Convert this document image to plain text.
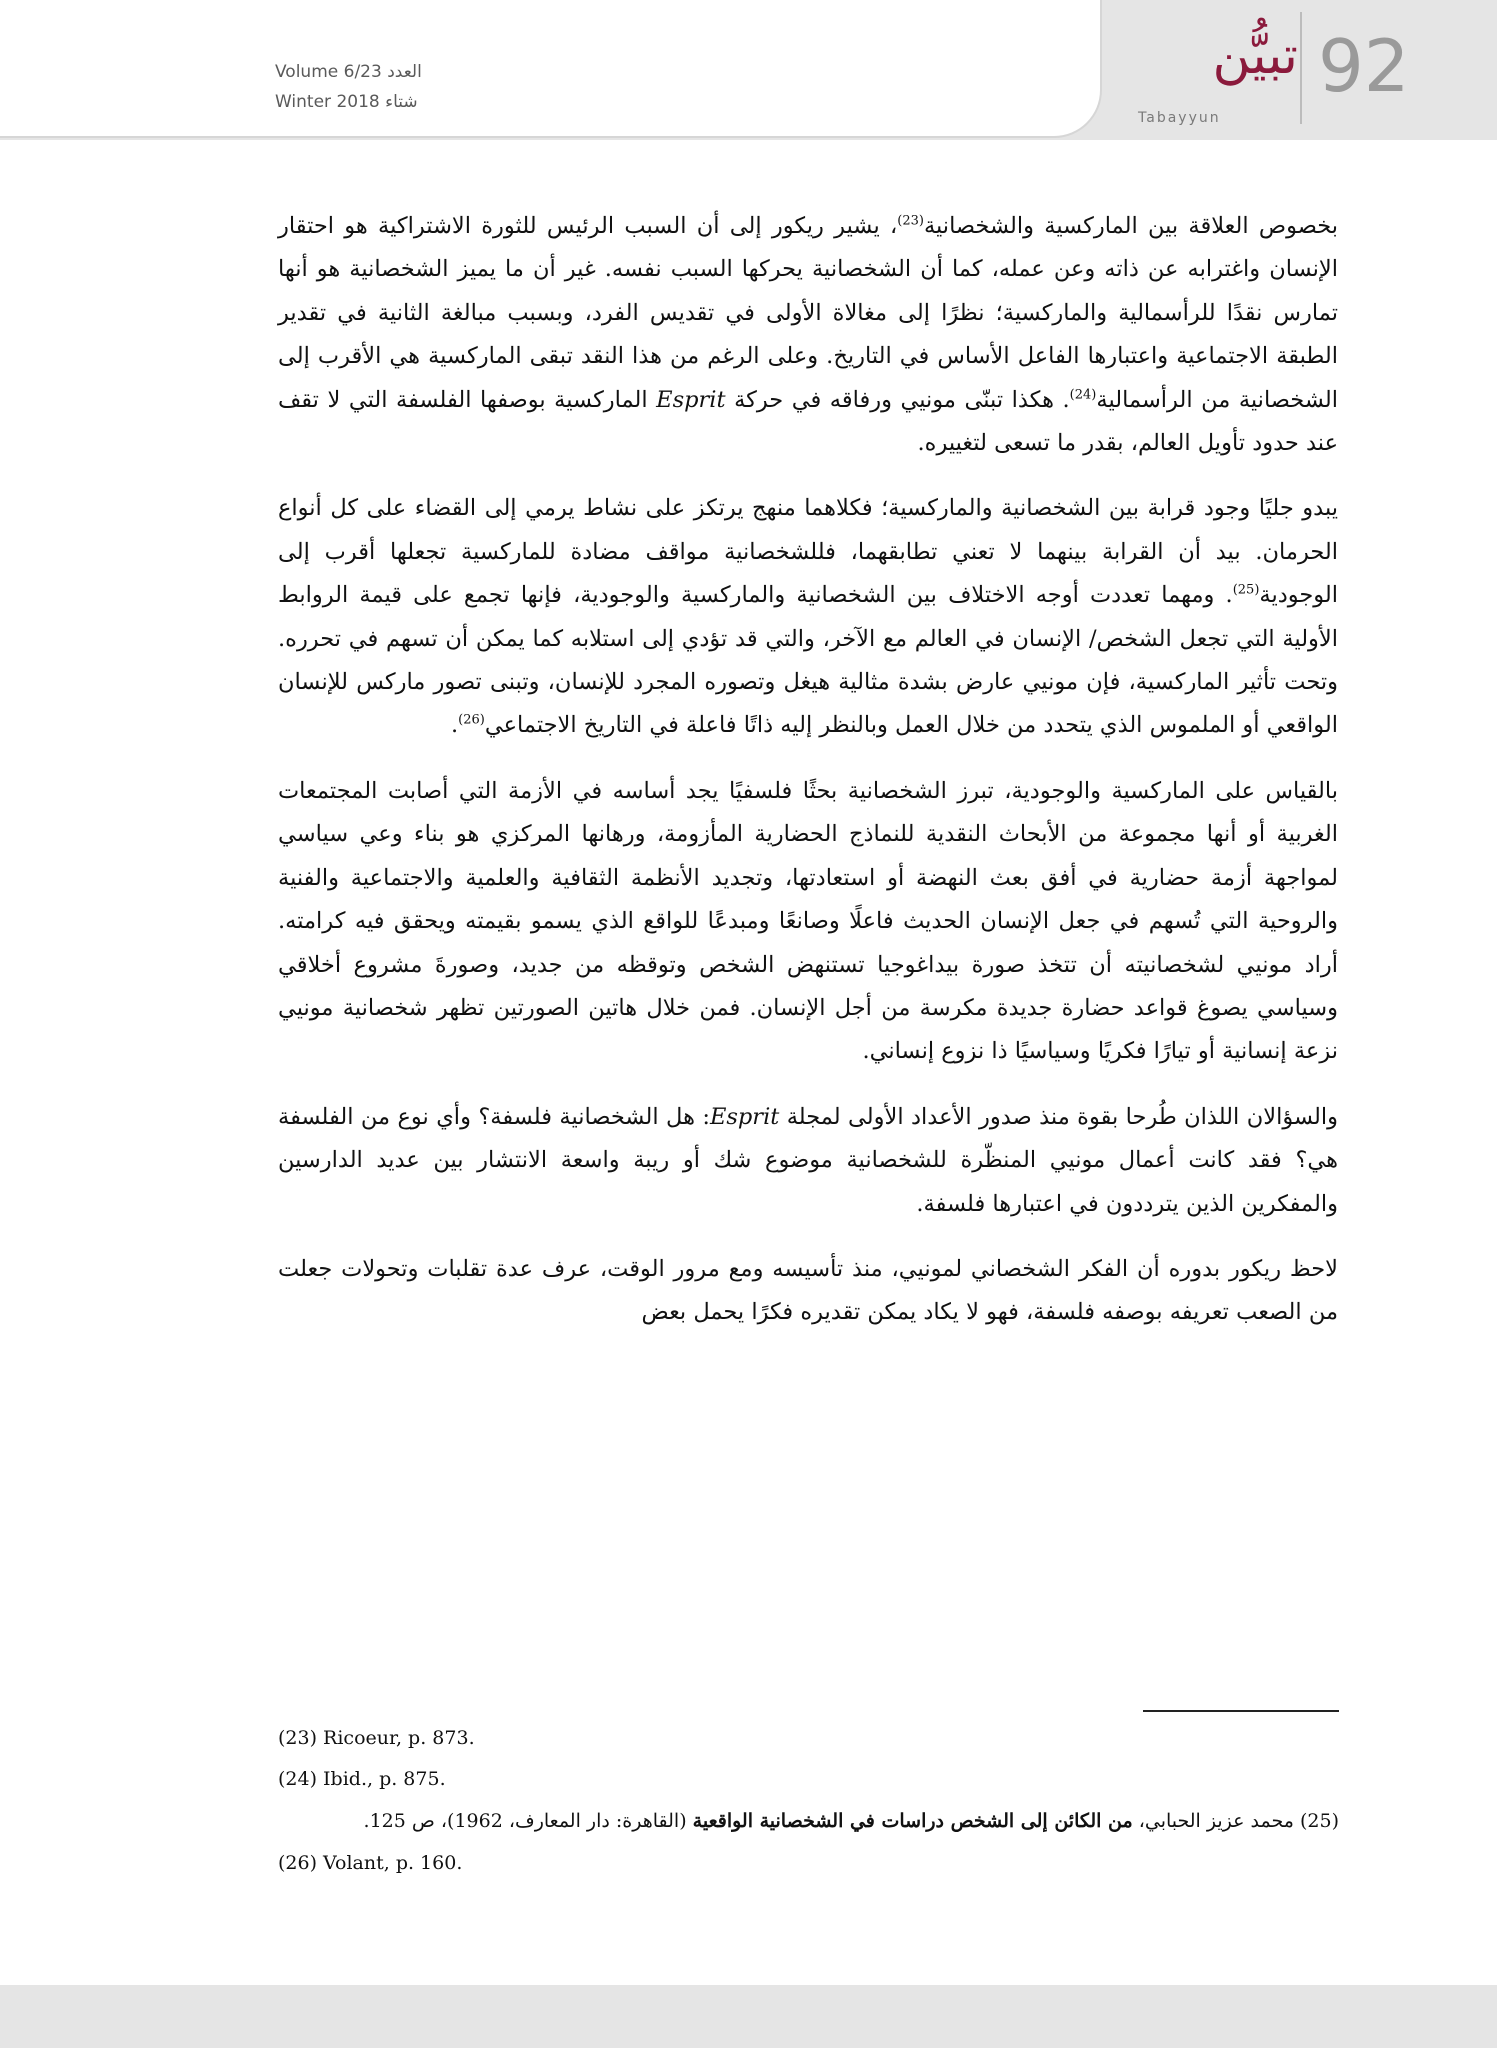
Volume 6/23 العدد
Winter 2018 شتاء
تبيُّن
Tabayyun
92

بخصوص العلاقة بين الماركسية والشخصانية$^{(23)}$، يشير ريكور إلى أن السبب الرئيس للثورة الاشتراكية هو احتقار الإنسان واغترابه عن ذاته وعن عمله، كما أن الشخصانية يحركها السبب نفسه. غير أن ما يميز الشخصانية هو أنها تمارس نقدًا للرأسمالية والماركسية؛ نظرًا إلى مغالاة الأولى في تقديس الفرد، وبسبب مبالغة الثانية في تقدير الطبقة الاجتماعية واعتبارها الفاعل الأساس في التاريخ. وعلى الرغم من هذا النقد تبقى الماركسية هي الأقرب إلى الشخصانية من الرأسمالية$^{(24)}$. هكذا تبنّى مونيي ورفاقه في حركة Esprit الماركسية بوصفها الفلسفة التي لا تقف عند حدود تأويل العالم، بقدر ما تسعى لتغييره.

يبدو جليًا وجود قرابة بين الشخصانية والماركسية؛ فكلاهما منهج يرتكز على نشاط يرمي إلى القضاء على كل أنواع الحرمان. بيد أن القرابة بينهما لا تعني تطابقهما، فللشخصانية مواقف مضادة للماركسية تجعلها أقرب إلى الوجودية$^{(25)}$. ومهما تعددت أوجه الاختلاف بين الشخصانية والماركسية والوجودية، فإنها تجمع على قيمة الروابط الأولية التي تجعل الشخص/ الإنسان في العالم مع الآخر، والتي قد تؤدي إلى استلابه كما يمكن أن تسهم في تحرره. وتحت تأثير الماركسية، فإن مونيي عارض بشدة مثالية هيغل وتصوره المجرد للإنسان، وتبنى تصور ماركس للإنسان الواقعي أو الملموس الذي يتحدد من خلال العمل وبالنظر إليه ذاتًا فاعلة في التاريخ الاجتماعي$^{(26)}$.

بالقياس على الماركسية والوجودية، تبرز الشخصانية بحثًا فلسفيًا يجد أساسه في الأزمة التي أصابت المجتمعات الغربية أو أنها مجموعة من الأبحاث النقدية للنماذج الحضارية المأزومة، ورهانها المركزي هو بناء وعي سياسي لمواجهة أزمة حضارية في أفق بعث النهضة أو استعادتها، وتجديد الأنظمة الثقافية والعلمية والاجتماعية والفنية والروحية التي تُسهم في جعل الإنسان الحديث فاعلًا وصانعًا ومبدعًا للواقع الذي يسمو بقيمته ويحقق فيه كرامته. أراد مونيي لشخصانيته أن تتخذ صورة بيداغوجيا تستنهض الشخص وتوقظه من جديد، وصورةَ مشروع أخلاقي وسياسي يصوغ قواعد حضارة جديدة مكرسة من أجل الإنسان. فمن خلال هاتين الصورتين تظهر شخصانية مونيي نزعة إنسانية أو تيارًا فكريًا وسياسيًا ذا نزوع إنساني.

والسؤالان اللذان طُرحا بقوة منذ صدور الأعداد الأولى لمجلة Esprit: هل الشخصانية فلسفة؟ وأي نوع من الفلسفة هي؟ فقد كانت أعمال مونيي المنظّرة للشخصانية موضوع شك أو ريبة واسعة الانتشار بين عديد الدارسين والمفكرين الذين يترددون في اعتبارها فلسفة.

لاحظ ريكور بدوره أن الفكر الشخصاني لمونيي، منذ تأسيسه ومع مرور الوقت، عرف عدة تقلبات وتحولات جعلت من الصعب تعريفه بوصفه فلسفة، فهو لا يكاد يمكن تقديره فكرًا يحمل بعض

(23) Ricoeur, p. 873.
(24) Ibid., p. 875.
(25) محمد عزيز الحبابي، من الكائن إلى الشخص دراسات في الشخصانية الواقعية (القاهرة: دار المعارف، 1962)، ص 125.
(26) Volant, p. 160.
